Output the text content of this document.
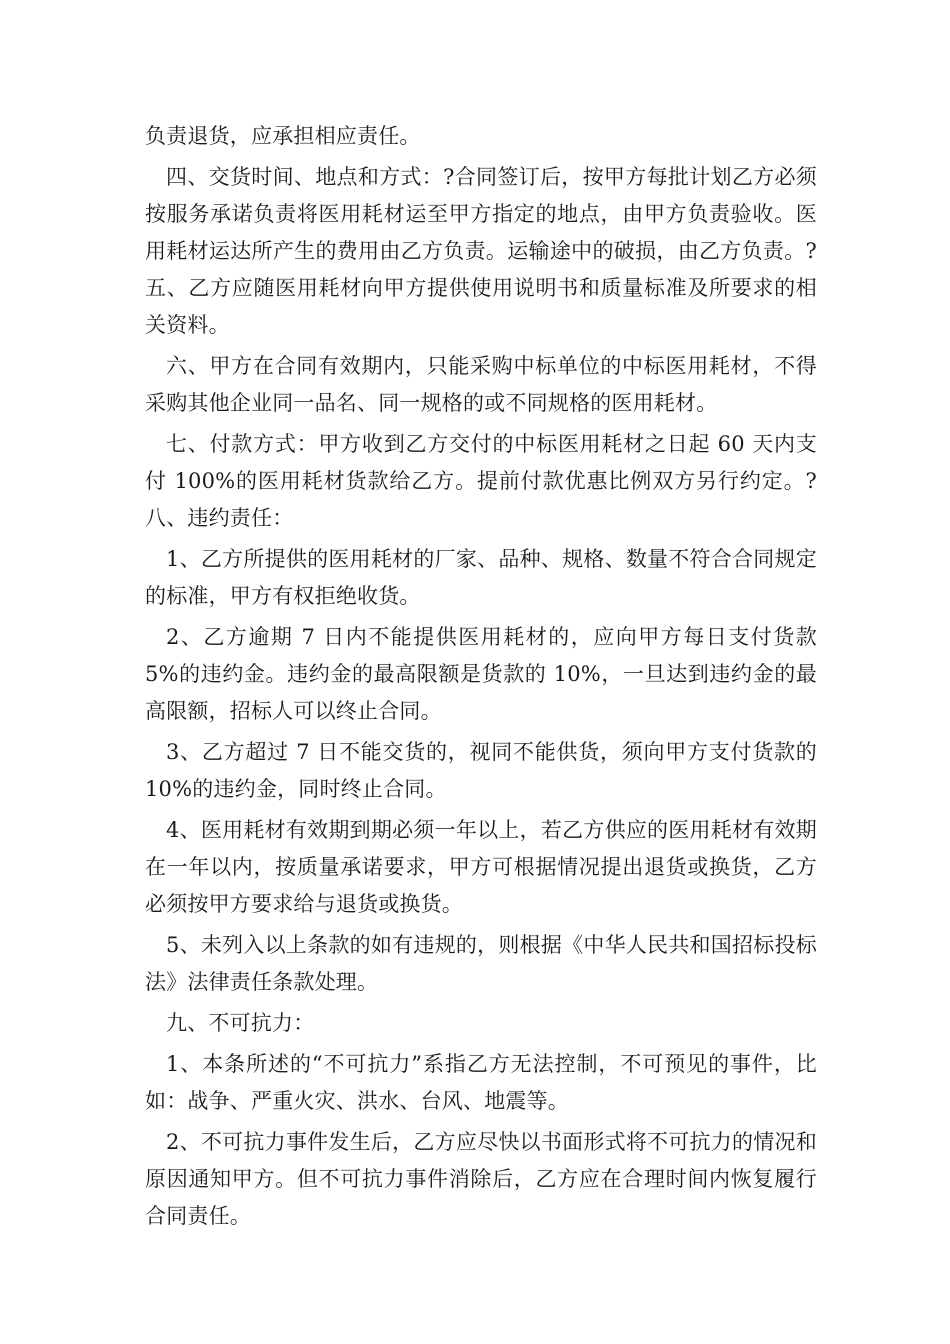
负责退货，应承担相应责任。

四、交货时间、地点和方式：?合同签订后，按甲方每批计划乙方必须按服务承诺负责将医用耗材运至甲方指定的地点，由甲方负责验收。医用耗材运达所产生的费用由乙方负责。运输途中的破损，由乙方负责。?五、乙方应随医用耗材向甲方提供使用说明书和质量标准及所要求的相关资料。

六、甲方在合同有效期内，只能采购中标单位的中标医用耗材，不得采购其他企业同一品名、同一规格的或不同规格的医用耗材。

七、付款方式：甲方收到乙方交付的中标医用耗材之日起 60 天内支付 100%的医用耗材货款给乙方。提前付款优惠比例双方另行约定。?八、违约责任：

1、乙方所提供的医用耗材的厂家、品种、规格、数量不符合合同规定的标准，甲方有权拒绝收货。

2、乙方逾期 7 日内不能提供医用耗材的，应向甲方每日支付货款 5%的违约金。违约金的最高限额是货款的 10%，一旦达到违约金的最高限额，招标人可以终止合同。

3、乙方超过 7 日不能交货的，视同不能供货，须向甲方支付货款的 10%的违约金，同时终止合同。

4、医用耗材有效期到期必须一年以上，若乙方供应的医用耗材有效期在一年以内，按质量承诺要求，甲方可根据情况提出退货或换货，乙方必须按甲方要求给与退货或换货。

5、未列入以上条款的如有违规的，则根据《中华人民共和国招标投标法》法律责任条款处理。

九、不可抗力：

1、本条所述的“不可抗力”系指乙方无法控制，不可预见的事件，比如：战争、严重火灾、洪水、台风、地震等。

2、不可抗力事件发生后，乙方应尽快以书面形式将不可抗力的情况和原因通知甲方。但不可抗力事件消除后，乙方应在合理时间内恢复履行合同责任。
